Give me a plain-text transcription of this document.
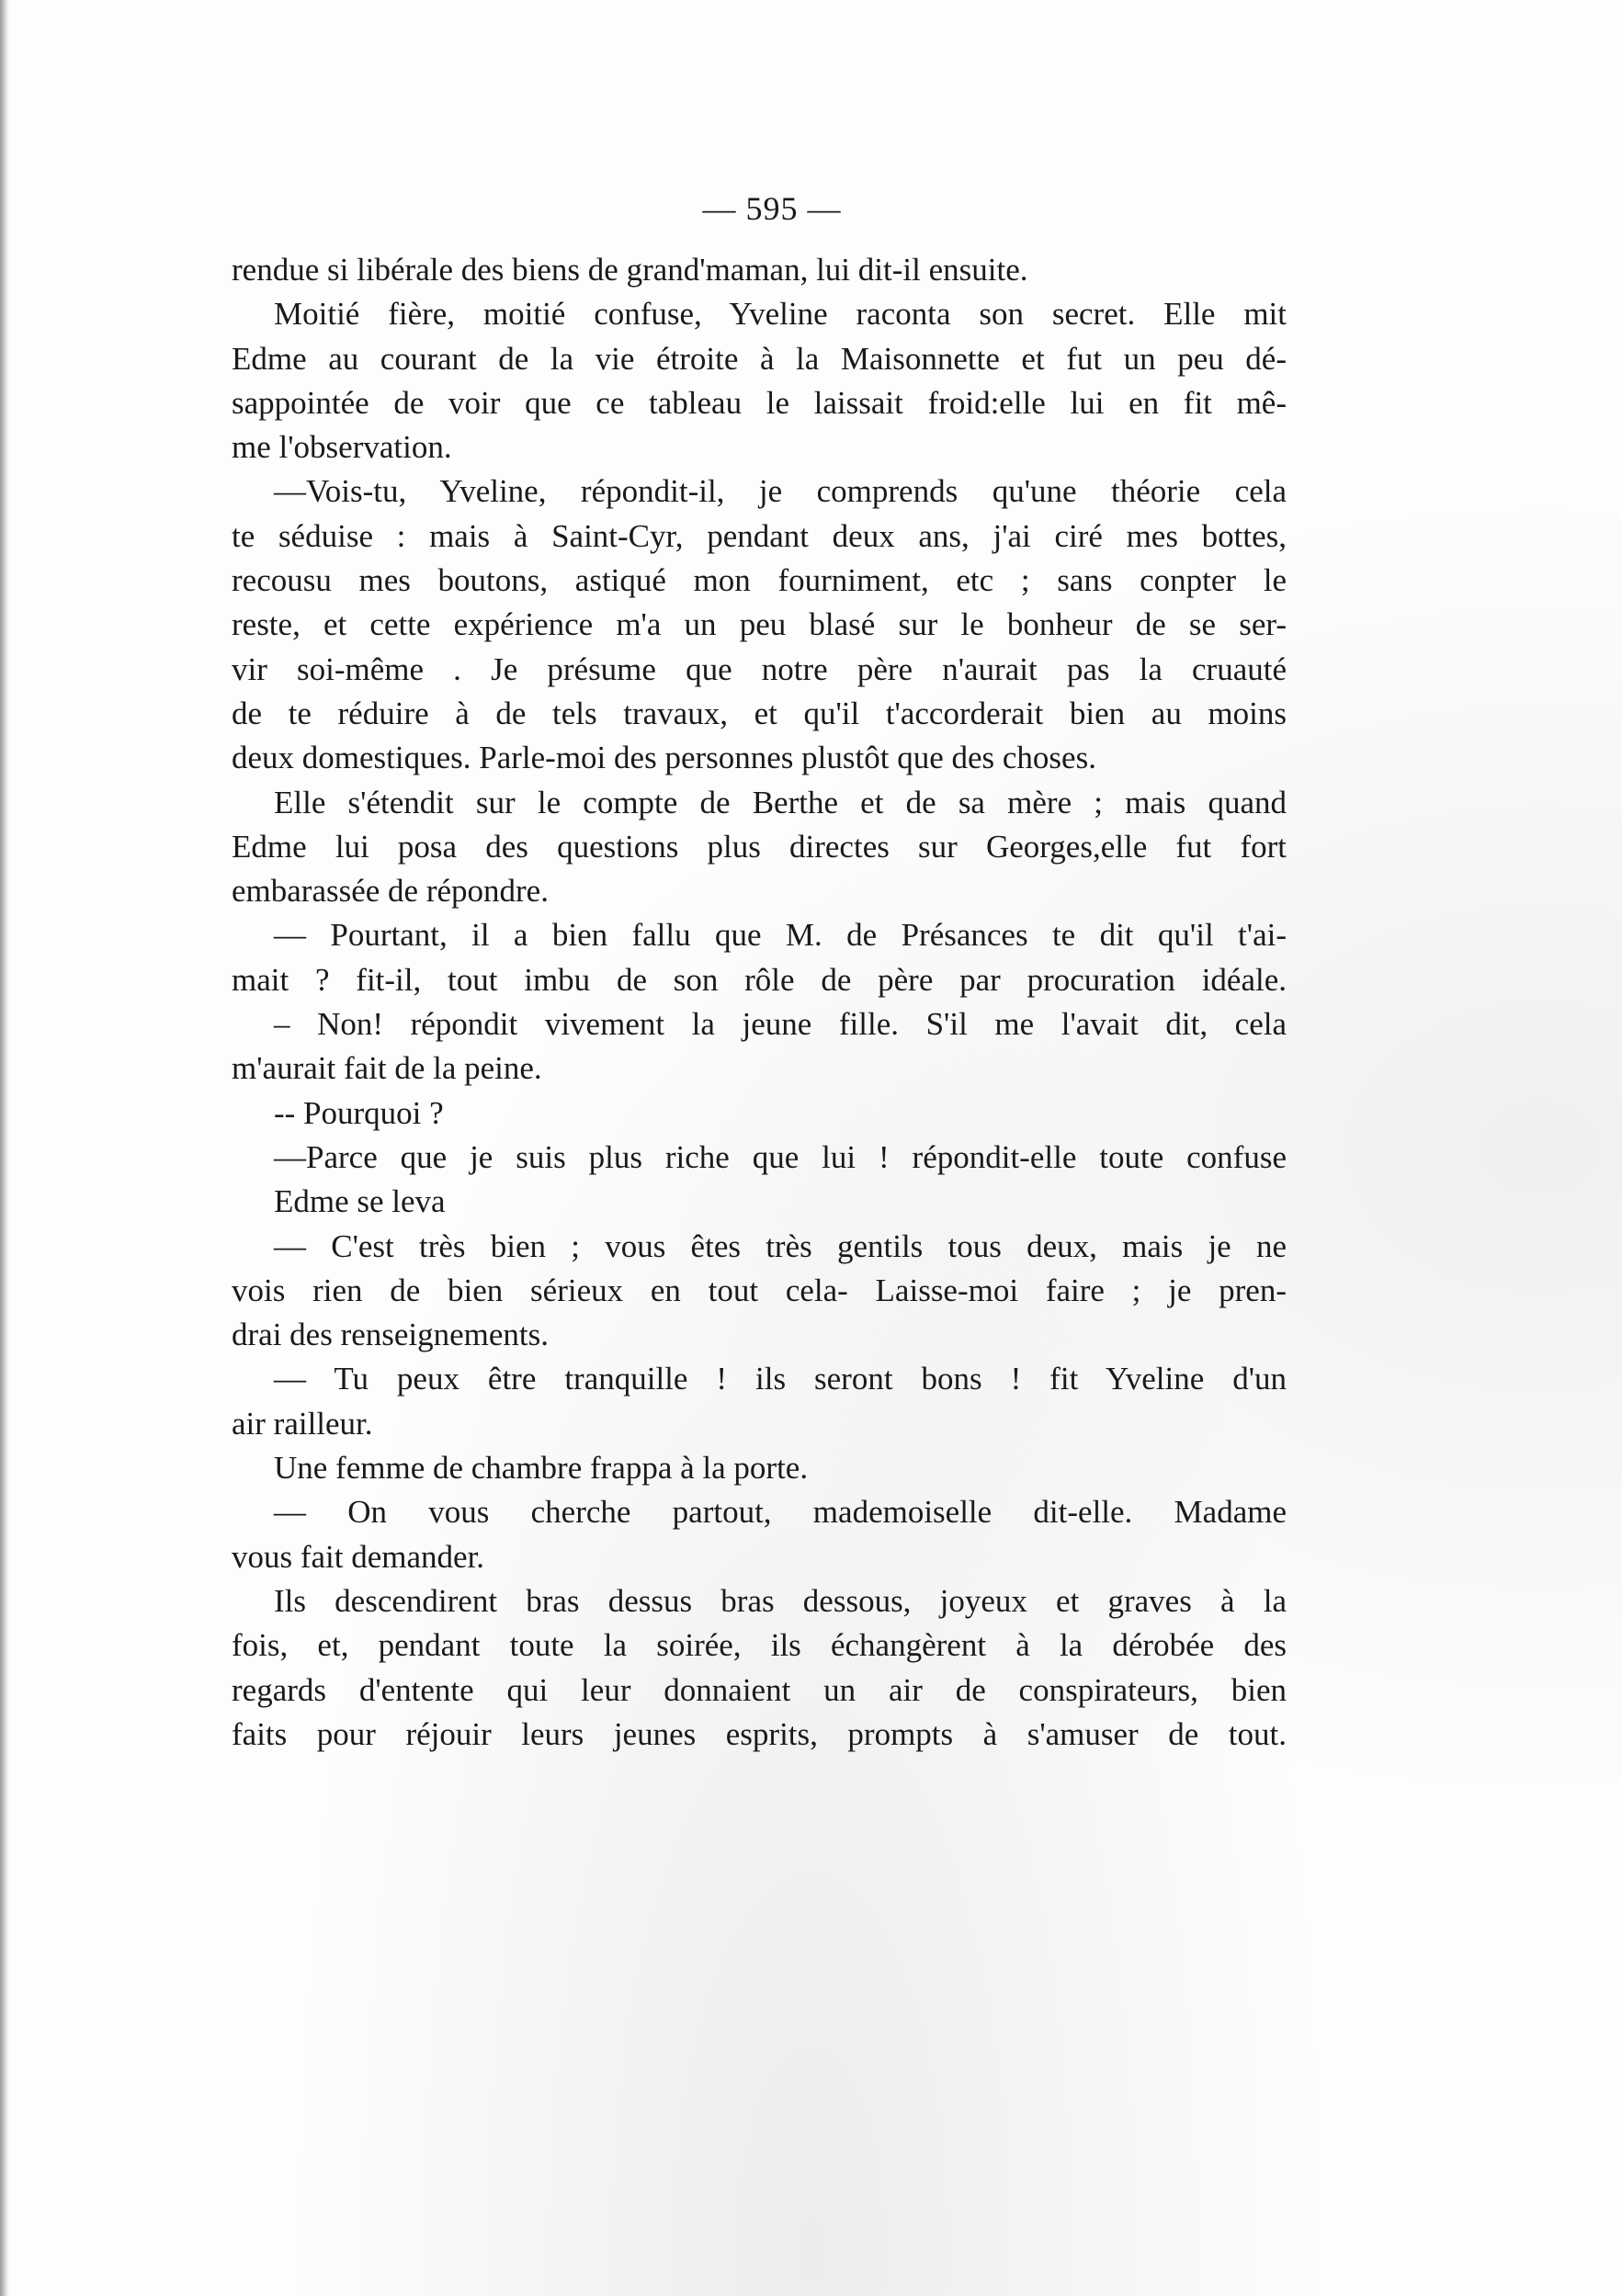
— 595 —
rendue si libérale des biens de grand'maman, lui dit-il ensuite.
Moitié fière, moitié confuse, Yveline raconta son secret. Elle mit
Edme au courant de la vie étroite à la Maisonnette et fut un peu dé-
sappointée de voir que ce tableau le laissait froid:elle lui en fit mê-
me l'observation.
—Vois-tu, Yveline, répondit-il, je comprends qu'une théorie cela
te séduise : mais à Saint-Cyr, pendant deux ans, j'ai ciré mes bottes,
recousu mes boutons, astiqué mon fourniment, etc ; sans conpter le
reste, et cette expérience m'a un peu blasé sur le bonheur de se ser-
vir soi-même . Je présume que notre père n'aurait pas la cruauté
de te réduire à de tels travaux, et qu'il t'accorderait bien au moins
deux domestiques. Parle-moi des personnes plustôt que des choses.
Elle s'étendit sur le compte de Berthe et de sa mère ; mais quand
Edme lui posa des questions plus directes sur Georges,elle fut fort
embarassée de répondre.
— Pourtant, il a bien fallu que M. de Présances te dit qu'il t'ai-
mait ? fit-il, tout imbu de son rôle de père par procuration idéale.
– Non! répondit vivement la jeune fille. S'il me l'avait dit, cela
m'aurait fait de la peine.
-- Pourquoi ?
—Parce que je suis plus riche que lui ! répondit-elle toute confuse
Edme se leva
— C'est très bien ; vous êtes très gentils tous deux, mais je ne
vois rien de bien sérieux en tout cela- Laisse-moi faire ; je pren-
drai des renseignements.
— Tu peux être tranquille ! ils seront bons ! fit Yveline d'un
air railleur.
Une femme de chambre frappa à la porte.
— On vous cherche partout, mademoiselle dit-elle. Madame
vous fait demander.
Ils descendirent bras dessus bras dessous, joyeux et graves à la
fois, et, pendant toute la soirée, ils échangèrent à la dérobée des
regards d'entente qui leur donnaient un air de conspirateurs, bien
faits pour réjouir leurs jeunes esprits, prompts à s'amuser de tout.
